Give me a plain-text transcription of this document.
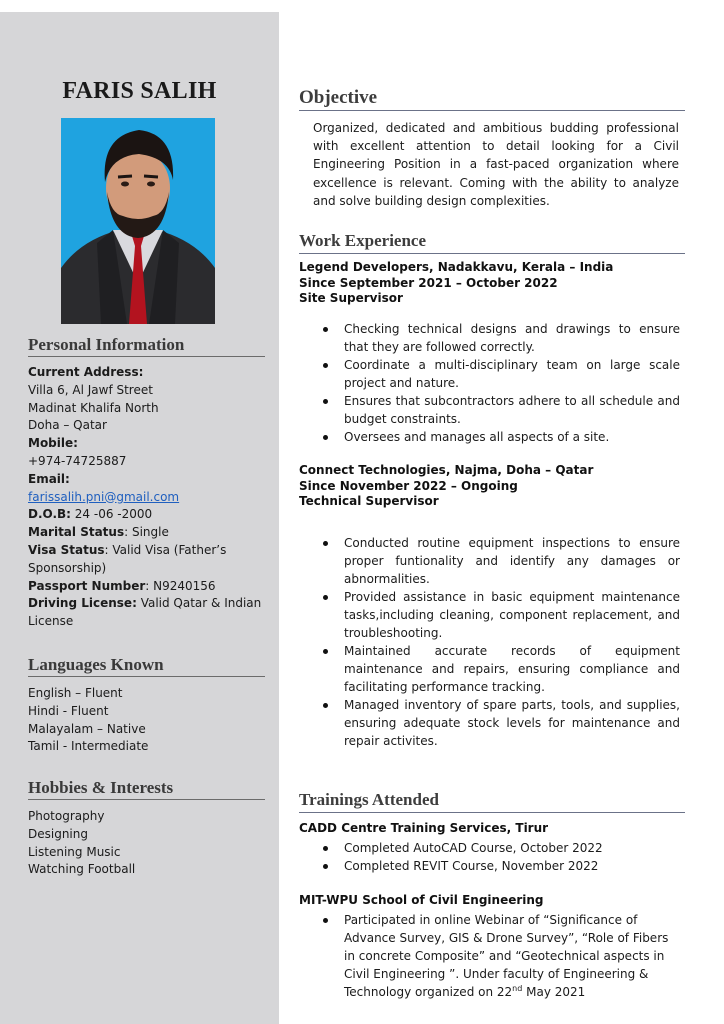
FARIS SALIH
Personal Information
Current Address:
Villa 6, Al Jawf Street
Madinat Khalifa North
Doha – Qatar
Mobile:
+974-74725887
Email:
farissalih.pni@gmail.com
D.O.B: 24 -06 -2000
Marital Status: Single
Visa Status: Valid Visa (Father’s Sponsorship)
Passport Number: N9240156
Driving License: Valid Qatar & Indian License
Languages Known
English – Fluent
Hindi - Fluent
Malayalam – Native
Tamil - Intermediate
Hobbies & Interests
Photography
Designing
Listening Music
Watching Football
Objective
Organized, dedicated and ambitious budding professional with excellent attention to detail looking for a Civil Engineering Position in a fast-paced organization where excellence is relevant. Coming with the ability to analyze and solve building design complexities.
Work Experience
Legend Developers, Nadakkavu, Kerala – India
Since September 2021 – October 2022
Site Supervisor
Checking technical designs and drawings to ensure that they are followed correctly.
Coordinate a multi-disciplinary team on large scale project and nature.
Ensures that subcontractors adhere to all schedule and budget constraints.
Oversees and manages all aspects of a site.
Connect Technologies, Najma, Doha – Qatar
Since November 2022 – Ongoing
Technical Supervisor
Conducted routine equipment inspections to ensure proper funtionality and identify any damages or abnormalities.
Provided assistance in basic equipment maintenance tasks,including cleaning, component replacement, and troubleshooting.
Maintained accurate records of equipment maintenance and repairs, ensuring compliance and facilitating performance tracking.
Managed inventory of spare parts, tools, and supplies, ensuring adequate stock levels for maintenance and repair activites.
Trainings Attended
CADD Centre Training Services, Tirur
Completed AutoCAD Course, October 2022
Completed REVIT Course, November 2022
MIT-WPU School of Civil Engineering
Participated in online Webinar of “Significance of Advance Survey, GIS & Drone Survey”, “Role of Fibers in concrete Composite” and “Geotechnical aspects in Civil Engineering ”. Under faculty of Engineering & Technology organized on 22nd May 2021
